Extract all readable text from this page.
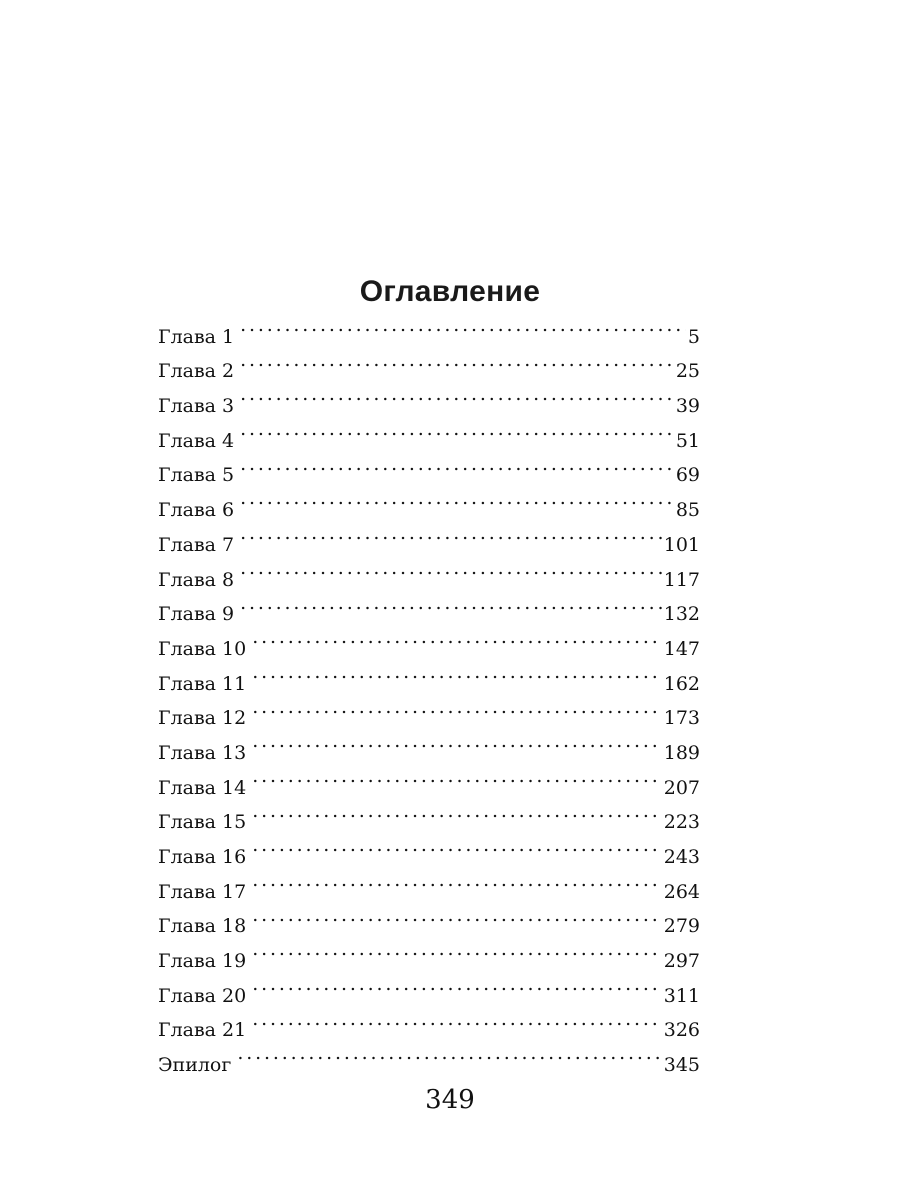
Оглавление
Глава 1 . . .	5
Глава 2 . . .	25
Глава 3 . . .	39
Глава 4 . . .	51
Глава 5 . . .	69
Глава 6 . . .	85
Глава 7 . . .	101
Глава 8 . . .	117
Глава 9 . . .	132
Глава 10 . . .	147
Глава 11 . . .	162
Глава 12 . . .	173
Глава 13 . . .	189
Глава 14 . . .	207
Глава 15 . . .	223
Глава 16 . . .	243
Глава 17 . . .	264
Глава 18 . . .	279
Глава 19 . . .	297
Глава 20 . . .	311
Глава 21 . . .	326
Эпилог . . .	345
349
